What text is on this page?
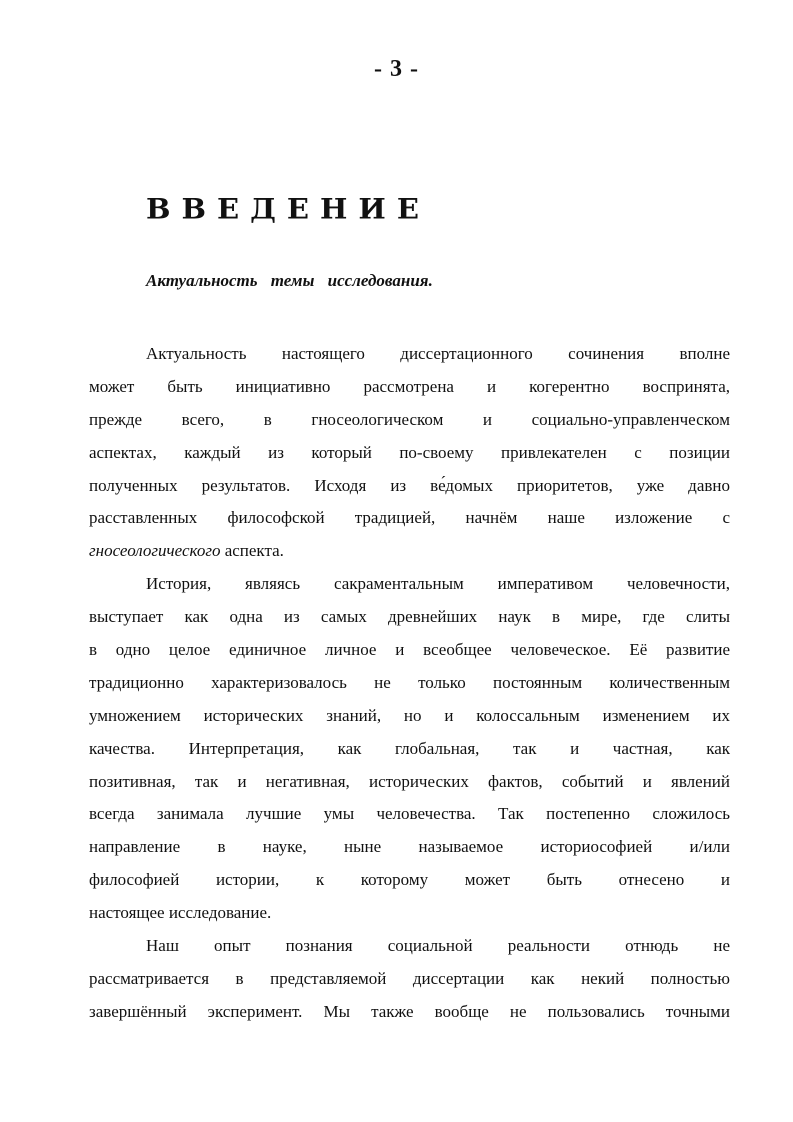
- 3 -
ВВЕДЕНИЕ
Актуальность темы исследования.
Актуальность настоящего диссертационного сочинения вполне
может быть инициативно рассмотрена и когерентно воспринята,
прежде всего, в гносеологическом и социально-управленческом
аспектах, каждый из который по-своему привлекателен с позиции
полученных результатов. Исходя из ве́домых приоритетов, уже давно
расставленных философской традицией, начнём наше изложение с
гносеологического аспекта.
История, являясь сакраментальным императивом человечности,
выступает как одна из самых древнейших наук в мире, где слиты
в одно целое единичное личное и всеобщее человеческое. Её развитие
традиционно характеризовалось не только постоянным количественным
умножением исторических знаний, но и колоссальным изменением их
качества. Интерпретация, как глобальная, так и частная, как
позитивная, так и негативная, исторических фактов, событий и явлений
всегда занимала лучшие умы человечества. Так постепенно сложилось
направление в науке, ныне называемое историософией и/или
философией истории, к которому может быть отнесено и
настоящее исследование.
Наш опыт познания социальной реальности отнюдь не
рассматривается в представляемой диссертации как некий полностью
завершённый эксперимент. Мы также вообще не пользовались точными
